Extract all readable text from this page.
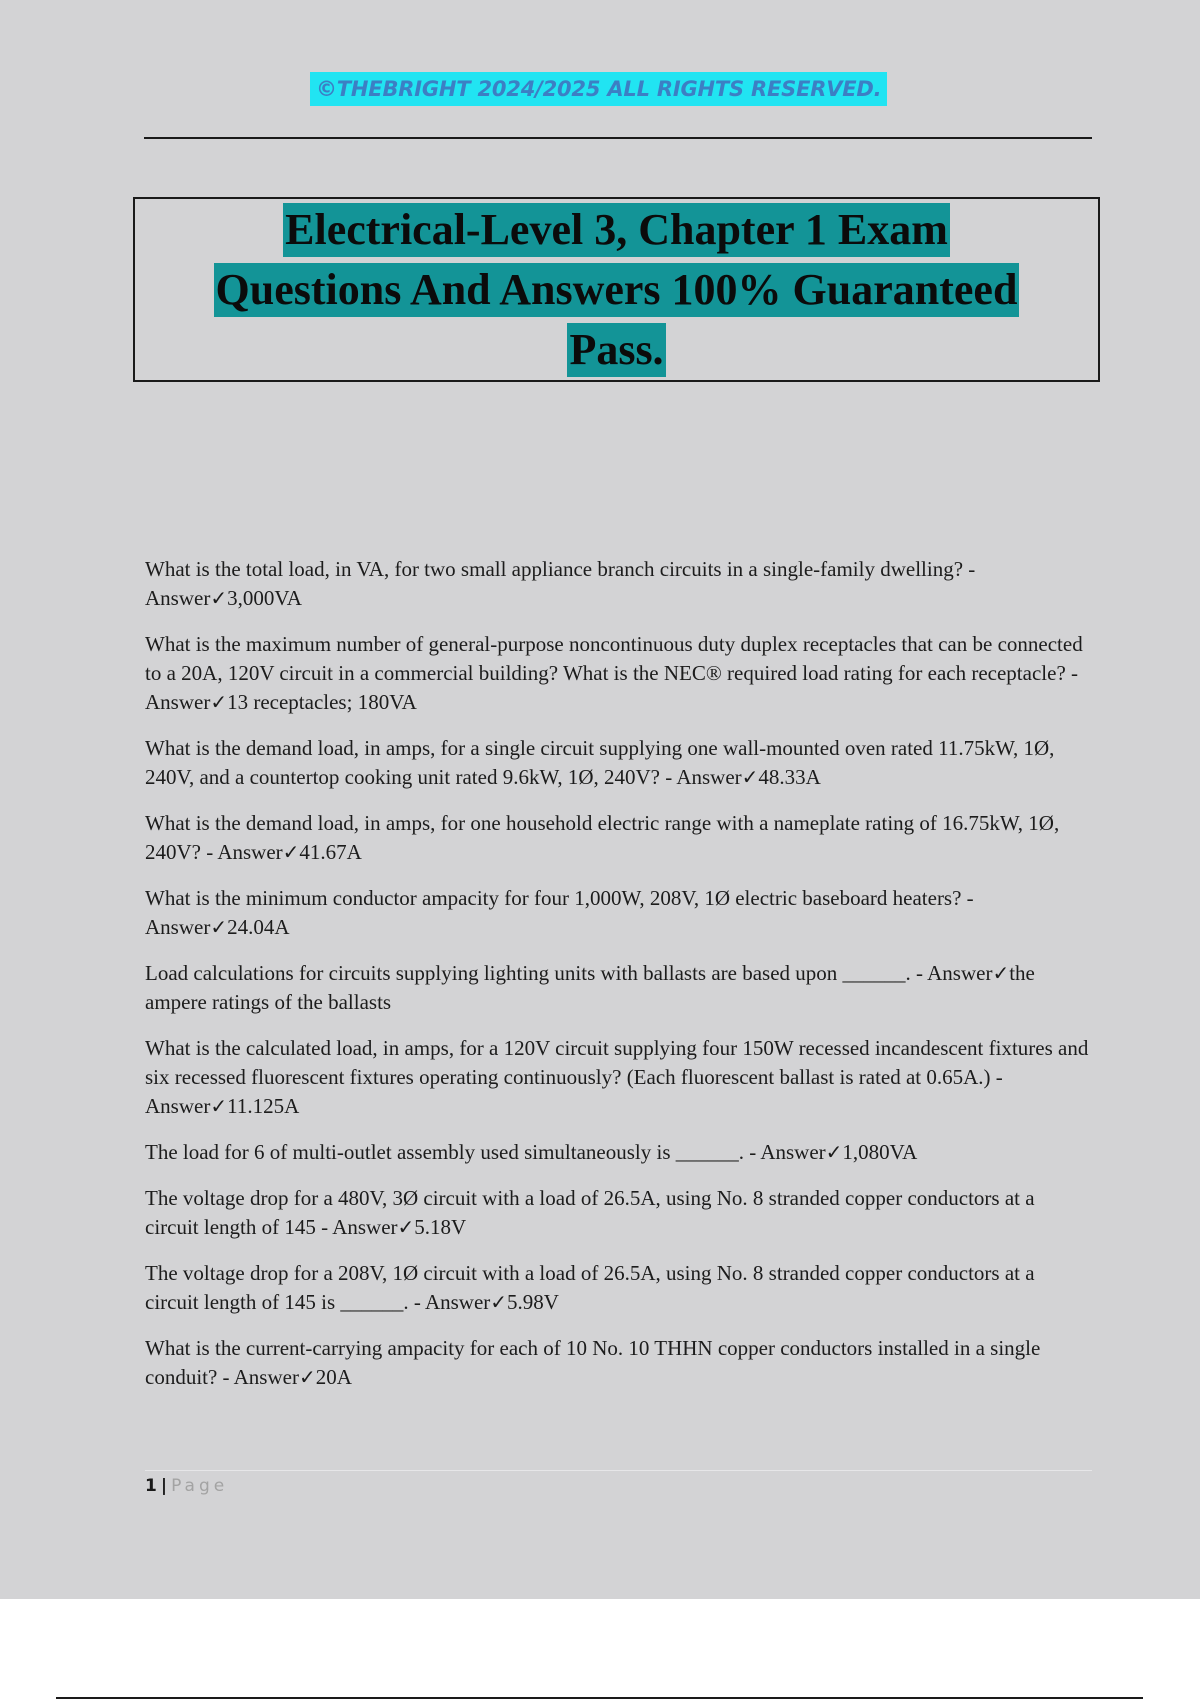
©THEBRIGHT 2024/2025 ALL RIGHTS RESERVED.
Electrical-Level 3, Chapter 1 Exam
Questions And Answers 100% Guaranteed
Pass.
What is the total load, in VA, for two small appliance branch circuits in a single-family dwelling? - Answer✓3,000VA
What is the maximum number of general-purpose noncontinuous duty duplex receptacles that can be connected to a 20A, 120V circuit in a commercial building? What is the NEC® required load rating for each receptacle? - Answer✓13 receptacles; 180VA
What is the demand load, in amps, for a single circuit supplying one wall-mounted oven rated 11.75kW, 1Ø, 240V, and a countertop cooking unit rated 9.6kW, 1Ø, 240V? - Answer✓48.33A
What is the demand load, in amps, for one household electric range with a nameplate rating of 16.75kW, 1Ø, 240V? - Answer✓41.67A
What is the minimum conductor ampacity for four 1,000W, 208V, 1Ø electric baseboard heaters? - Answer✓24.04A
Load calculations for circuits supplying lighting units with ballasts are based upon ______. - Answer✓the ampere ratings of the ballasts
What is the calculated load, in amps, for a 120V circuit supplying four 150W recessed incandescent fixtures and six recessed fluorescent fixtures operating continuously? (Each fluorescent ballast is rated at 0.65A.) - Answer✓11.125A
The load for 6 of multi-outlet assembly used simultaneously is ______. - Answer✓1,080VA
The voltage drop for a 480V, 3Ø circuit with a load of 26.5A, using No. 8 stranded copper conductors at a circuit length of 145 - Answer✓5.18V
The voltage drop for a 208V, 1Ø circuit with a load of 26.5A, using No. 8 stranded copper conductors at a circuit length of 145 is ______. - Answer✓5.98V
What is the current-carrying ampacity for each of 10 No. 10 THHN copper conductors installed in a single conduit? - Answer✓20A
1 | Page
